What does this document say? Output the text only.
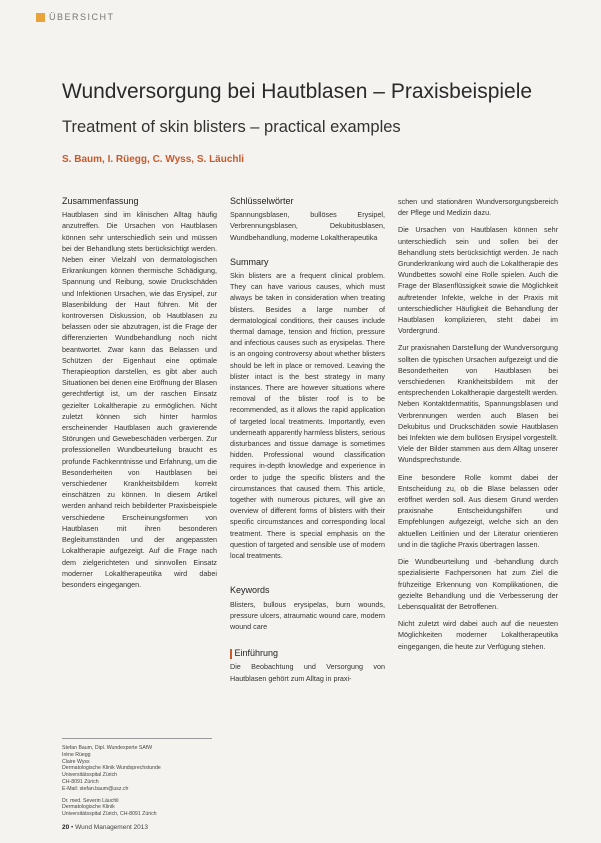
ÜBERSICHT
Wundversorgung bei Hautblasen – Praxisbeispiele
Treatment of skin blisters – practical examples
S. Baum, I. Rüegg, C. Wyss, S. Läuchli
Zusammenfassung

Hautblasen sind im klinischen Alltag häufig anzutreffen. Die Ursachen von Hautblasen können sehr unterschiedlich sein und müssen bei der Behandlung stets berücksichtigt werden. Neben einer Vielzahl von dermatologischen Erkrankungen können thermische Schädigung, Spannung und Reibung, sowie Druckschäden und Infektionen Ursachen, wie das Erysipel, zur Blasenbildung der Haut führen. Mit der kontroversen Diskussion, ob Hautblasen zu belassen oder sie abzutragen, ist die Frage der differenzierten Wundbehandlung noch nicht beantwortet. Zwar kann das Belassen und Schützen der Eigenhaut eine optimale Therapieoption darstellen, es gibt aber auch Situationen bei denen eine Eröffnung der Blasen gerechtfertigt ist, um der raschen Einsatz gezielter Lokaltherapie zu ermöglichen. Nicht zuletzt können sich hinter harmlos erscheinender Hautblasen auch gravierende Störungen und Gewebeschäden verbergen. Zur professionellen Wundbeurteilung braucht es profunde Fachkenntnisse und Erfahrung, um die Besonderheiten von Hautblasen bei verschiedener Krankheitsbildern korrekt einschätzen zu können. In diesem Artikel werden anhand reich bebilderter Praxisbeispiele verschiedene Erscheinungsformen von Hautblasen mit ihren besonderen Begleitumständen und der angepassten Lokaltherapie aufgezeigt. Auf die Frage nach dem zielgerichteten und sinnvollen Einsatz moderner Lokaltherapeutika wird dabei besonders eingegangen.

Schlüsselwörter

Spannungsblasen, bullöses Erysipel, Verbrennungsblasen, Dekubitusblasen, Wundbehandlung, moderne Lokaltherapeutika

Summary

Skin blisters are a frequent clinical problem. They can have various causes, which must always be taken in consideration when treating blisters. Besides a large number of dermatological conditions, their causes include thermal damage, tension and friction, pressure and infectious causes such as erysipelas. There is an ongoing controversy about whether blisters should be left in place or removed. Leaving the blister intact is the best strategy in many instances. There are however situations where removal of the blister roof is to be recommended, as it allows the rapid application of targeted local treatments. Importantly, even underneath apparently harmless blisters, serious disturbances and tissue damage is sometimes hidden. Professional wound classification requires in-depth knowledge and experience in order to judge the specific blisters and the circumstances that caused them. This article, together with numerous pictures, will give an overview of different forms of blisters with their specific circumstances and corresponding local treatment. There is special emphasis on the question of targeted and sensible use of modern local treatments.

Keywords

Blisters, bullous erysipelas, burn wounds, pressure ulcers, atraumatic wound care, modern wound care

Einführung

Die Beobachtung und Versorgung von Hautblasen gehört zum Alltag in praxi-

schen und stationären Wundversorgungsbereich der Pflege und Medizin dazu.

Die Ursachen von Hautblasen können sehr unterschiedlich sein und sollen bei der Behandlung stets berücksichtigt werden. Je nach Grunderkrankung wird auch die Lokaltherapie des Wundbettes sowohl eine Rolle spielen. Auch die Frage der Blasenflüssigkeit sowie die Möglichkeit auftretender Infekte, welche in der Praxis mit unterschiedlicher Häufigkeit die Behandlung der Hautblasen komplizieren, steht dabei im Vordergrund.

Zur praxisnahen Darstellung der Wundversorgung sollten die typischen Ursachen aufgezeigt und die Besonderheiten von Hautblasen bei verschiedenen Krankheitsbildern mit der entsprechenden Lokaltherapie dargestellt werden. Neben Kontaktdermatitis, Spannungsblasen und Verbrennungen werden auch Blasen bei Dekubitus und Druckschäden sowie Hautblasen bei Infekten wie dem bullösen Erysipel vorgestellt. Viele der Bilder stammen aus dem Alltag unserer Wundsprechstunde.

Eine besondere Rolle kommt dabei der Entscheidung zu, ob die Blase belassen oder eröffnet werden soll. Aus diesem Grund werden praxisnahe Entscheidungshilfen und Empfehlungen aufgezeigt, welche sich an den aktuellen Leitlinien und der Literatur orientieren und in die tägliche Praxis übertragen lassen.

Die Wundbeurteilung und -behandlung durch spezialisierte Fachpersonen hat zum Ziel die frühzeitige Erkennung von Komplikationen, die gezielte Behandlung und die Verbesserung der Lebensqualität der Betroffenen.

Nicht zuletzt wird dabei auch auf die neuesten Möglichkeiten moderner Lokaltherapeutika eingegangen, die heute zur Verfügung stehen.

Stefan Baum, Dipl. Wundexperte SAfW
Irène Rüegg
Claire Wyss
Dermatologische Klinik Wundsprechstunde
Universitätsspital Zürich
CH-8091 Zürich
E-Mail: stefan.baum@usz.ch
Dr. med. Severin Läuchli
Dermatologische Klinik
Universitätsspital Zürich, CH-8091 Zürich
20 • Wund Management 2013
